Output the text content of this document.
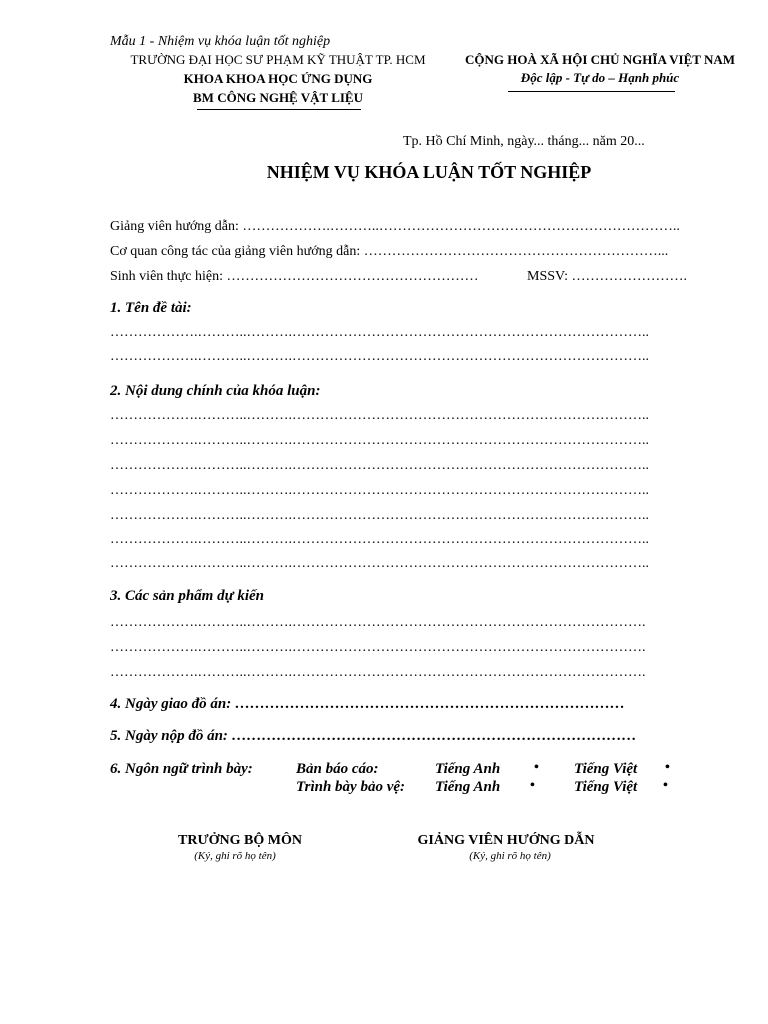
Mẫu 1 - Nhiệm vụ khóa luận tốt nghiệp
TRƯỜNG ĐẠI HỌC SƯ PHẠM KỸ THUẬT TP. HCM
KHOA KHOA HỌC ỨNG DỤNG
BM CÔNG NGHỆ VẬT LIỆU
CỘNG HOÀ XÃ HỘI CHỦ NGHĨA VIỆT NAM
Độc lập - Tự do – Hạnh phúc
Tp. Hồ Chí Minh, ngày... tháng... năm 20...
NHIỆM VỤ KHÓA LUẬN TỐT NGHIỆP
Giảng viên hướng dẫn: ……………….………..………………………………………………………..
Cơ quan công tác của giảng viên hướng dẫn: ………………………………………………………...
Sinh viên thực hiện: ………………………………………………	MSSV: …………………….
1. Tên đề tài:
……………….………..……….…………………………………………………………………..
……………….………..……….…………………………………………………………………..
2. Nội dung chính của khóa luận:
……………….………..……….…………………………………………………………………..
……………….………..……….…………………………………………………………………..
……………….………..……….…………………………………………………………………..
……………….………..……….…………………………………………………………………..
……………….………..……….…………………………………………………………………..
……………….………..……….…………………………………………………………………..
……………….………..……….…………………………………………………………………..
3. Các sản phẩm dự kiến
……………….………..……….………………………………………………………………….
……………….………..……….………………………………………………………………….
……………….………..……….………………………………………………………………….
4. Ngày giao đồ án: ……………………………………………………………………
5. Ngày nộp đồ án: ………………………………………………………………………
6. Ngôn ngữ trình bày:	Bản báo cáo:	Tiếng Anh • Tiếng Việt •
Trình bày bảo vệ: Tiếng Anh •	Tiếng Việt •
TRƯỞNG BỘ MÔN
(Ký, ghi rõ họ tên)
GIẢNG VIÊN HƯỚNG DẪN
(Ký, ghi rõ họ tên)
